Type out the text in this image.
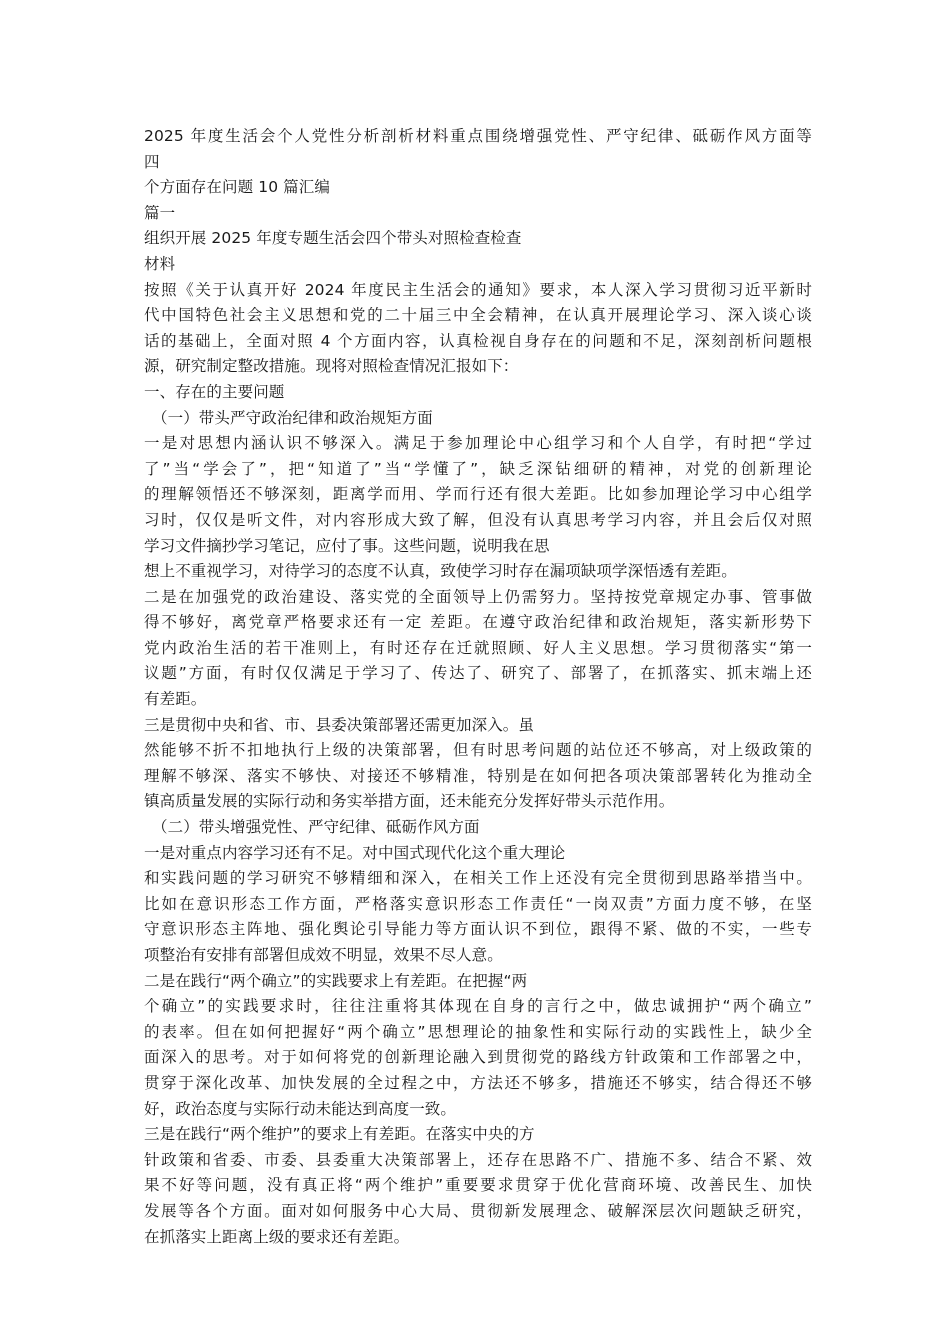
2025 年度生活会个人党性分析剖析材料重点围绕增强党性、严守纪律、砥砺作风方面等
四
个方面存在问题 10 篇汇编
篇一
组织开展 2025 年度专题生活会四个带头对照检查检查
材料
按照《关于认真开好 2024 年度民主生活会的通知》要求，本人深入学习贯彻习近平新时
代中国特色社会主义思想和党的二十届三中全会精神，在认真开展理论学习、深入谈心谈
话的基础上，全面对照 4 个方面内容，认真检视自身存在的问题和不足，深刻剖析问题根
源，研究制定整改措施。现将对照检查情况汇报如下：
一、存在的主要问题
（一）带头严守政治纪律和政治规矩方面
一是对思想内涵认识不够深入。满足于参加理论中心组学习和个人自学，有时把“学过
了”当“学会了”，把“知道了”当“学懂了”，缺乏深钻细研的精神，对党的创新理论
的理解领悟还不够深刻，距离学而用、学而行还有很大差距。比如参加理论学习中心组学
习时，仅仅是听文件，对内容形成大致了解，但没有认真思考学习内容，并且会后仅对照
学习文件摘抄学习笔记，应付了事。这些问题，说明我在思
想上不重视学习，对待学习的态度不认真，致使学习时存在漏项缺项学深悟透有差距。
二是在加强党的政治建设、落实党的全面领导上仍需努力。坚持按党章规定办事、管事做
得不够好，离党章严格要求还有一定 差距。在遵守政治纪律和政治规矩，落实新形势下
党内政治生活的若干准则上，有时还存在迁就照顾、好人主义思想。学习贯彻落实“第一
议题”方面，有时仅仅满足于学习了、传达了、研究了、部署了，在抓落实、抓末端上还
有差距。
三是贯彻中央和省、市、县委决策部署还需更加深入。虽
然能够不折不扣地执行上级的决策部署，但有时思考问题的站位还不够高，对上级政策的
理解不够深、落实不够快、对接还不够精准，特别是在如何把各项决策部署转化为推动全
镇高质量发展的实际行动和务实举措方面，还未能充分发挥好带头示范作用。
（二）带头增强党性、严守纪律、砥砺作风方面
一是对重点内容学习还有不足。对中国式现代化这个重大理论
和实践问题的学习研究不够精细和深入，在相关工作上还没有完全贯彻到思路举措当中。
比如在意识形态工作方面，严格落实意识形态工作责任“一岗双责”方面力度不够，在坚
守意识形态主阵地、强化舆论引导能力等方面认识不到位，跟得不紧、做的不实，一些专
项整治有安排有部署但成效不明显，效果不尽人意。
二是在践行“两个确立”的实践要求上有差距。在把握“两
个确立”的实践要求时，往往注重将其体现在自身的言行之中，做忠诚拥护“两个确立”
的表率。但在如何把握好“两个确立”思想理论的抽象性和实际行动的实践性上，缺少全
面深入的思考。对于如何将党的创新理论融入到贯彻党的路线方针政策和工作部署之中，
贯穿于深化改革、加快发展的全过程之中，方法还不够多，措施还不够实，结合得还不够
好，政治态度与实际行动未能达到高度一致。
三是在践行“两个维护”的要求上有差距。在落实中央的方
针政策和省委、市委、县委重大决策部署上，还存在思路不广、措施不多、结合不紧、效
果不好等问题，没有真正将“两个维护”重要要求贯穿于优化营商环境、改善民生、加快
发展等各个方面。面对如何服务中心大局、贯彻新发展理念、破解深层次问题缺乏研究，
在抓落实上距离上级的要求还有差距。
